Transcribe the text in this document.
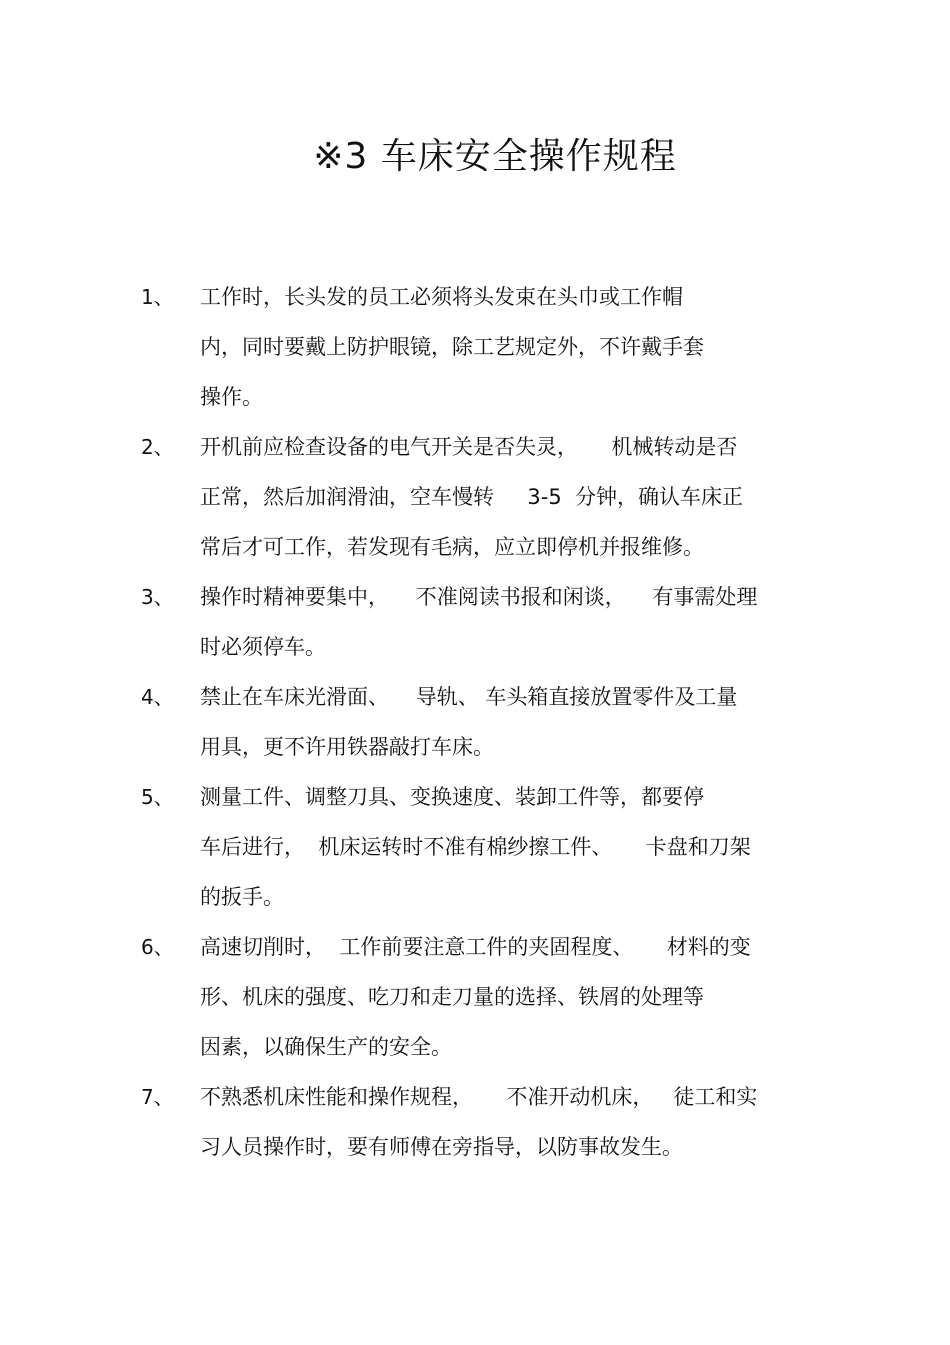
※3 车床安全操作规程
1、 工作时，长头发的员工必须将头发束在头巾或工作帽
内，同时要戴上防护眼镜，除工艺规定外，不许戴手套
操作。
2、 开机前应检查设备的电气开关是否失灵，     机械转动是否
正常，然后加润滑油，空车慢转     3-5  分钟，确认车床正
常后才可工作，若发现有毛病，应立即停机并报维修。
3、 操作时精神要集中，    不准阅读书报和闲谈，    有事需处理
时必须停车。
4、 禁止在车床光滑面、    导轨、 车头箱直接放置零件及工量
用具，更不许用铁器敲打车床。
5、 测量工件、调整刀具、变换速度、装卸工件等，都要停
车后进行，  机床运转时不准有棉纱擦工件、     卡盘和刀架
的扳手。
6、 高速切削时，  工作前要注意工件的夹固程度、     材料的变
形、机床的强度、吃刀和走刀量的选择、铁屑的处理等
因素，以确保生产的安全。
7、 不熟悉机床性能和操作规程，     不准开动机床，   徒工和实
习人员操作时，要有师傅在旁指导，以防事故发生。
